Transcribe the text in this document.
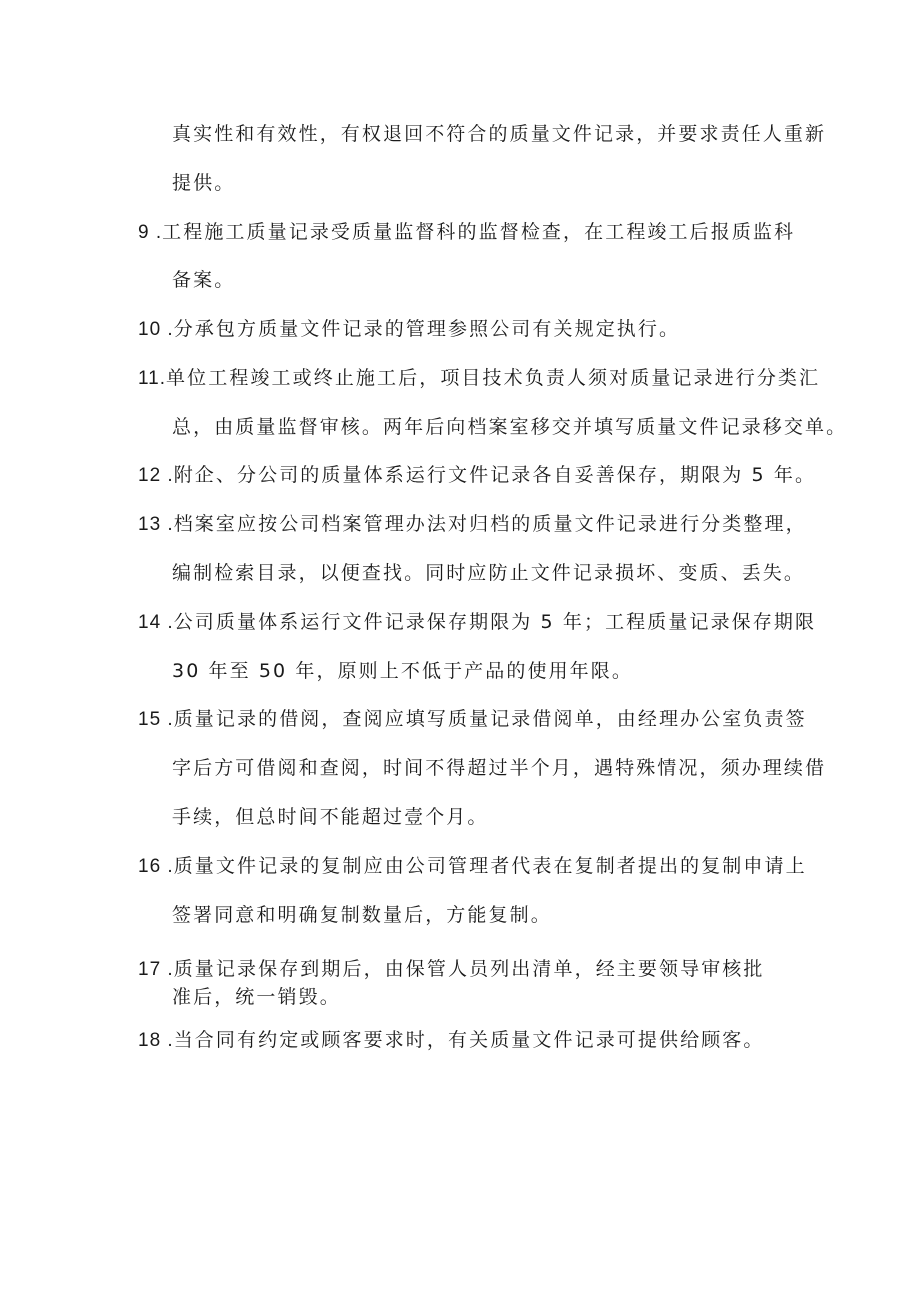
真实性和有效性，有权退回不符合的质量文件记录，并要求责任人重新
提供。
9 .工程施工质量记录受质量监督科的监督检查，在工程竣工后报质监科
备案。
10 .分承包方质量文件记录的管理参照公司有关规定执行。
11.单位工程竣工或终止施工后，项目技术负责人须对质量记录进行分类汇
总，由质量监督审核。两年后向档案室移交并填写质量文件记录移交单。
12 .附企、分公司的质量体系运行文件记录各自妥善保存，期限为 5 年。
13 .档案室应按公司档案管理办法对归档的质量文件记录进行分类整理，
编制检索目录，以便查找。同时应防止文件记录损坏、变质、丢失。
14 .公司质量体系运行文件记录保存期限为 5 年；工程质量记录保存期限
30 年至 50 年，原则上不低于产品的使用年限。
15 .质量记录的借阅，查阅应填写质量记录借阅单，由经理办公室负责签
字后方可借阅和查阅，时间不得超过半个月，遇特殊情况，须办理续借
手续，但总时间不能超过壹个月。
16 .质量文件记录的复制应由公司管理者代表在复制者提出的复制申请上
签署同意和明确复制数量后，方能复制。
17 .质量记录保存到期后，由保管人员列出清单，经主要领导审核批
准后，统一销毁。
18 .当合同有约定或顾客要求时，有关质量文件记录可提供给顾客。
